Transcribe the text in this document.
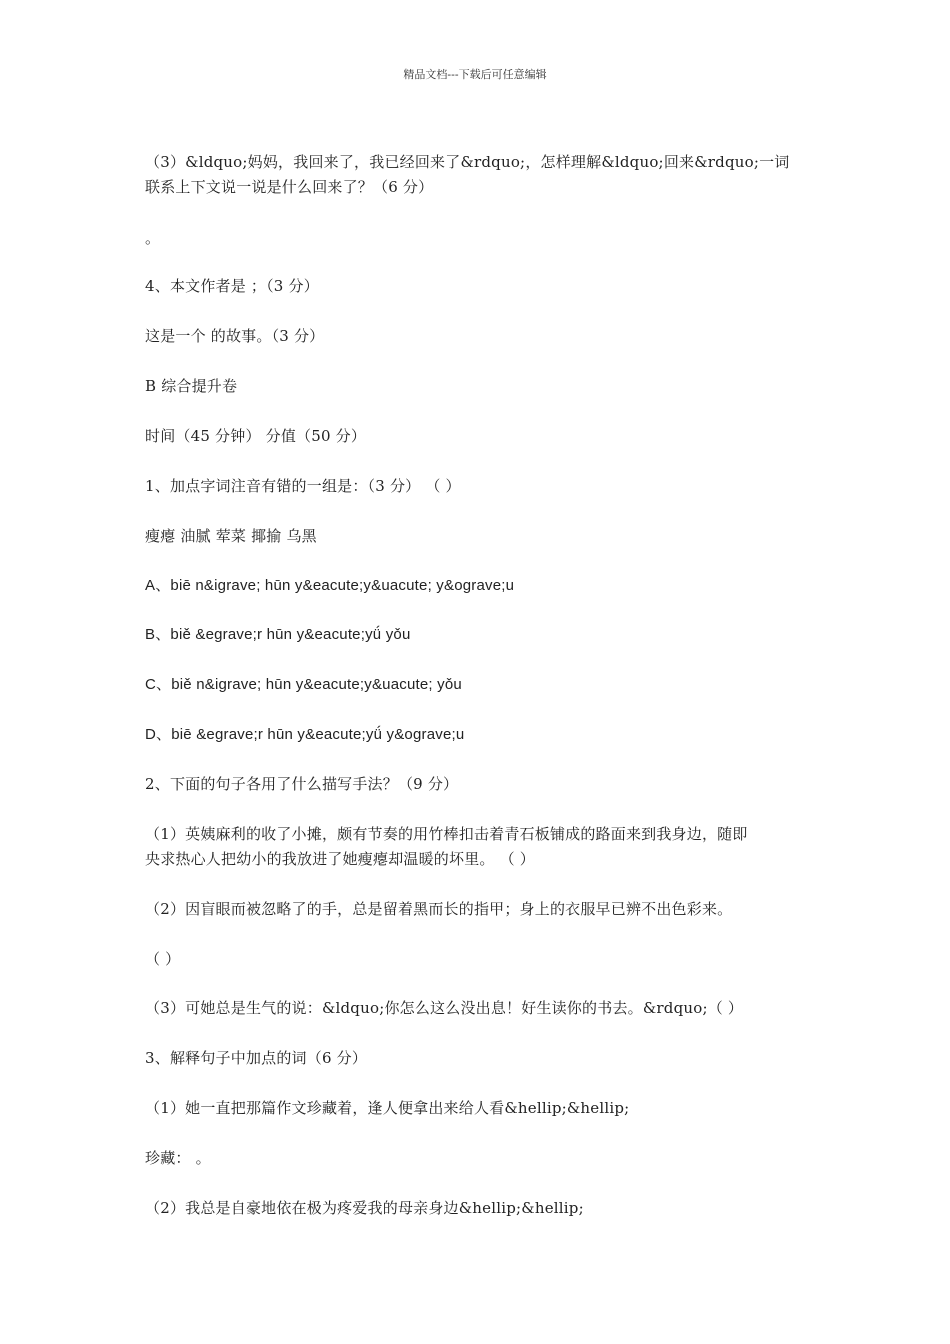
精品文档---下载后可任意编辑
（3）&ldquo;妈妈，我回来了，我已经回来了&rdquo;，怎样理解&ldquo;回来&rdquo;一词
联系上下文说一说是什么回来了？（6 分）
。
4、本文作者是 ；（3 分）
这是一个 的故事。（3 分）
B 综合提升卷
时间（45 分钟） 分值（50 分）
1、加点字词注音有错的一组是：（3 分） （ ）
瘦瘪 油腻 荤菜 揶揄 乌黑
A、biē n&igrave; hūn y&eacute;y&uacute; y&ograve;u
B、biě &egrave;r hūn y&eacute;yǘ yǒu
C、biě n&igrave; hūn y&eacute;y&uacute; yǒu
D、biē &egrave;r hūn y&eacute;yǘ y&ograve;u
2、下面的句子各用了什么描写手法？（9 分）
（1）英姨麻利的收了小摊，颇有节奏的用竹棒扣击着青石板铺成的路面来到我身边，随即
央求热心人把幼小的我放进了她瘦瘪却温暖的坏里。 （ ）
（2）因盲眼而被忽略了的手，总是留着黑而长的指甲；身上的衣服早已辨不出色彩来。
（ ）
（3）可她总是生气的说：&ldquo;你怎么这么没出息！好生读你的书去。&rdquo;（ ）
3、解释句子中加点的词（6 分）
（1）她一直把那篇作文珍藏着，逢人便拿出来给人看&hellip;&hellip;
珍藏： 。
（2）我总是自豪地依在极为疼爱我的母亲身边&hellip;&hellip;
